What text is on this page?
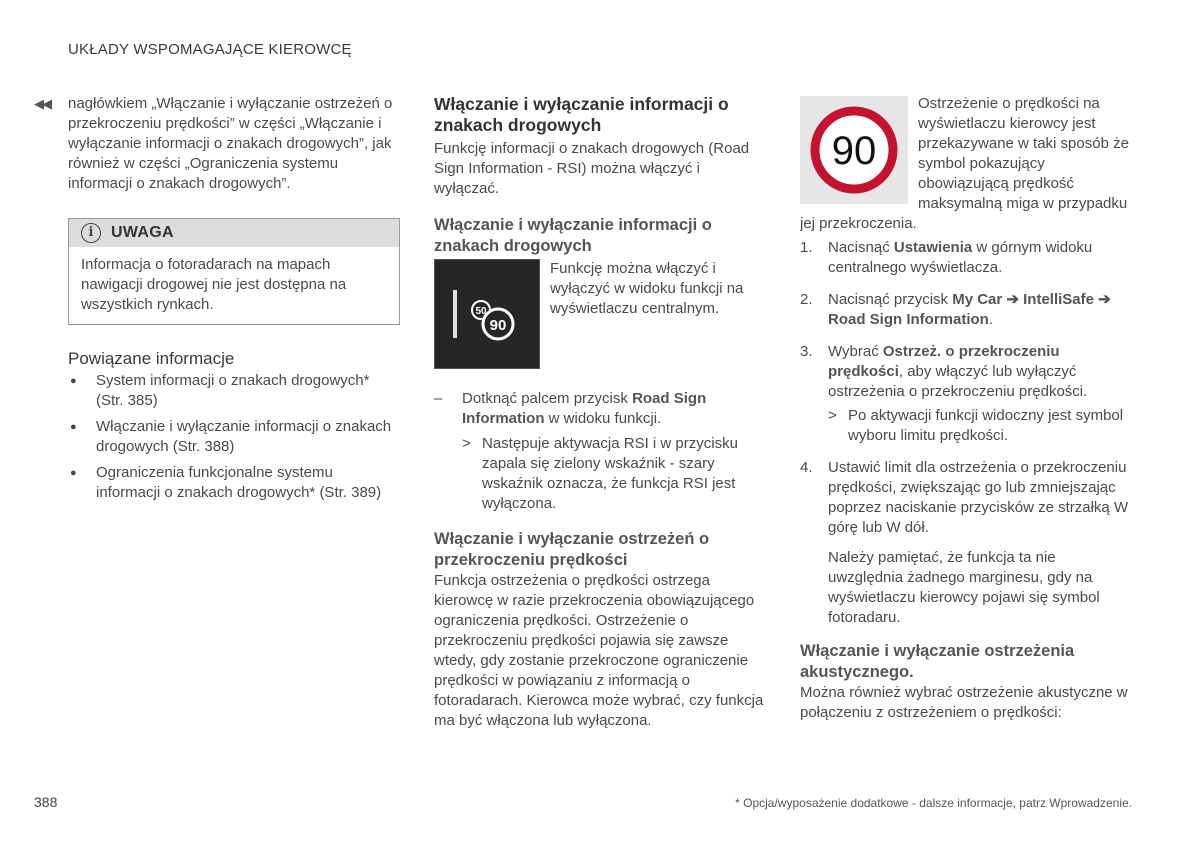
UKŁADY WSPOMAGAJĄCE KIEROWCĘ
◀◀ nagłówkiem „Włączanie i wyłączanie ostrzeżeń o przekroczeniu prędkości” w części „Włączanie i wyłączanie informacji o znakach drogowych”, jak również w części „Ograniczenia systemu informacji o znakach drogowych”.

i	UWAGA

Informacja o fotoradarach na mapach nawigacji drogowej nie jest dostępna na wszystkich rynkach.

Powiązane informacje
● System informacji o znakach drogowych* (Str. 385)
● Włączanie i wyłączanie informacji o znakach drogowych (Str. 388)
● Ograniczenia funkcjonalne systemu informacji o znakach drogowych* (Str. 389)
Włączanie i wyłączanie informacji o znakach drogowych

Funkcję informacji o znakach drogowych (Road Sign Information - RSI) można włączyć i wyłączać.

Włączanie i wyłączanie informacji o znakach drogowych
50
90

Funkcję można włączyć i wyłączyć w widoku funkcji na wyświetlaczu centralnym.

– Dotknąć palcem przycisk Road Sign Information w widoku funkcji.
> Następuje aktywacja RSI i w przycisku zapala się zielony wskaźnik - szary wskaźnik oznacza, że funkcja RSI jest wyłączona.
Włączanie i wyłączanie ostrzeżeń o przekroczeniu prędkości

Funkcja ostrzeżenia o prędkości ostrzega kierowcę w razie przekroczenia obowiązującego ograniczenia prędkości. Ostrzeżenie o przekroczeniu prędkości pojawia się zawsze wtedy, gdy zostanie przekroczone ograniczenie prędkości w powiązaniu z informacją o fotoradarach. Kierowca może wybrać, czy funkcja ma być włączona lub wyłączona.

90

Ostrzeżenie o prędkości na wyświetlaczu kierowcy jest przekazywane w taki sposób że symbol pokazujący obowiązującą prędkość maksymalną miga w przypadku jej przekroczenia.

1. Nacisnąć Ustawienia w górnym widoku centralnego wyświetlacza.
2. Nacisnąć przycisk My Car ➔ IntelliSafe ➔ Road Sign Information.
3. Wybrać Ostrzeż. o przekroczeniu prędkości, aby włączyć lub wyłączyć ostrzeżenia o przekroczeniu prędkości.
> Po aktywacji funkcji widoczny jest symbol wyboru limitu prędkości.
4. Ustawić limit dla ostrzeżenia o przekroczeniu prędkości, zwiększając go lub zmniejszając poprzez naciskanie przycisków ze strzałką W górę lub W dół.

Należy pamiętać, że funkcja ta nie uwzględnia żadnego marginesu, gdy na wyświetlaczu kierowcy pojawi się symbol fotoradaru.

Włączanie i wyłączanie ostrzeżenia akustycznego.

Można również wybrać ostrzeżenie akustyczne w połączeniu z ostrzeżeniem o prędkości:

388	* Opcja/wyposażenie dodatkowe - dalsze informacje, patrz Wprowadzenie.
